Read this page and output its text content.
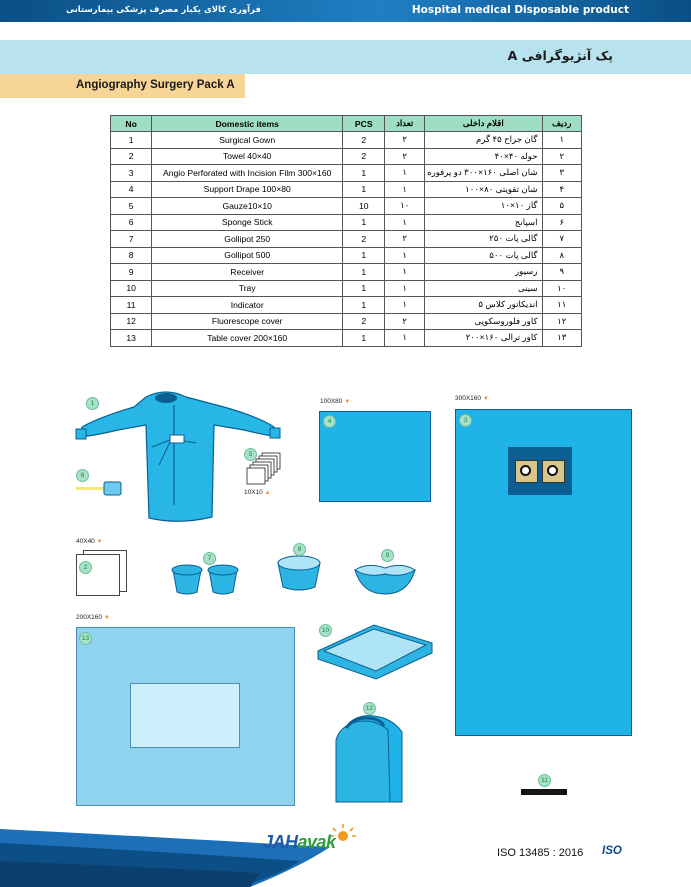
فرآوری کالای یکبار مصرف پزشکی بیمارستانی	Hospital medical Disposable product
پک آنژیوگرافی A
Angiography Surgery Pack A
No	Domestic items	PCS	تعداد	اقلام داخلی	ردیف
1	Surgical Gown	2	۲	گان جراح ۴۵ گرم	۱
2	Towel 40×40	2	۲	حوله ۴۰×۴۰	۲
3	Angio Perforated with Incision Film 300×160	1	۱	شان اصلی ۱۶۰×۳۰۰ دو پرفوره	۳
4	Support Drape 100×80	1	۱	شان تقویتی ۸۰×۱۰۰	۴
5	Gauze10×10	10	۱۰	گاز ۱۰×۱۰	۵
6	Sponge Stick	1	۱	اسپانج	۶
7	Gollipot 250	2	۲	گالی پات ۲۵۰	۷
8	Gollipot 500	1	۱	گالی پات ۵۰۰	۸
9	Receiver	1	۱	رسیور	۹
10	Tray	1	۱	سینی	۱۰
11	Indicator	1	۱	اندیکاتور کلاس ۵	۱۱
12	Fluorescope cover	2	۲	کاور فلوروسکوپی	۱۲
13	Table cover 200×160	1	۱	کاور ترالی ۱۶۰×۲۰۰	۱۳
100X80 ▼	300X160 ▼
10X10 ▲
40X40 ▼
200X160 ▼
1
2
3
4
5
6
7
8
9
10
11
12
13
JAHavak
ISO 13485 : 2016 ISO
